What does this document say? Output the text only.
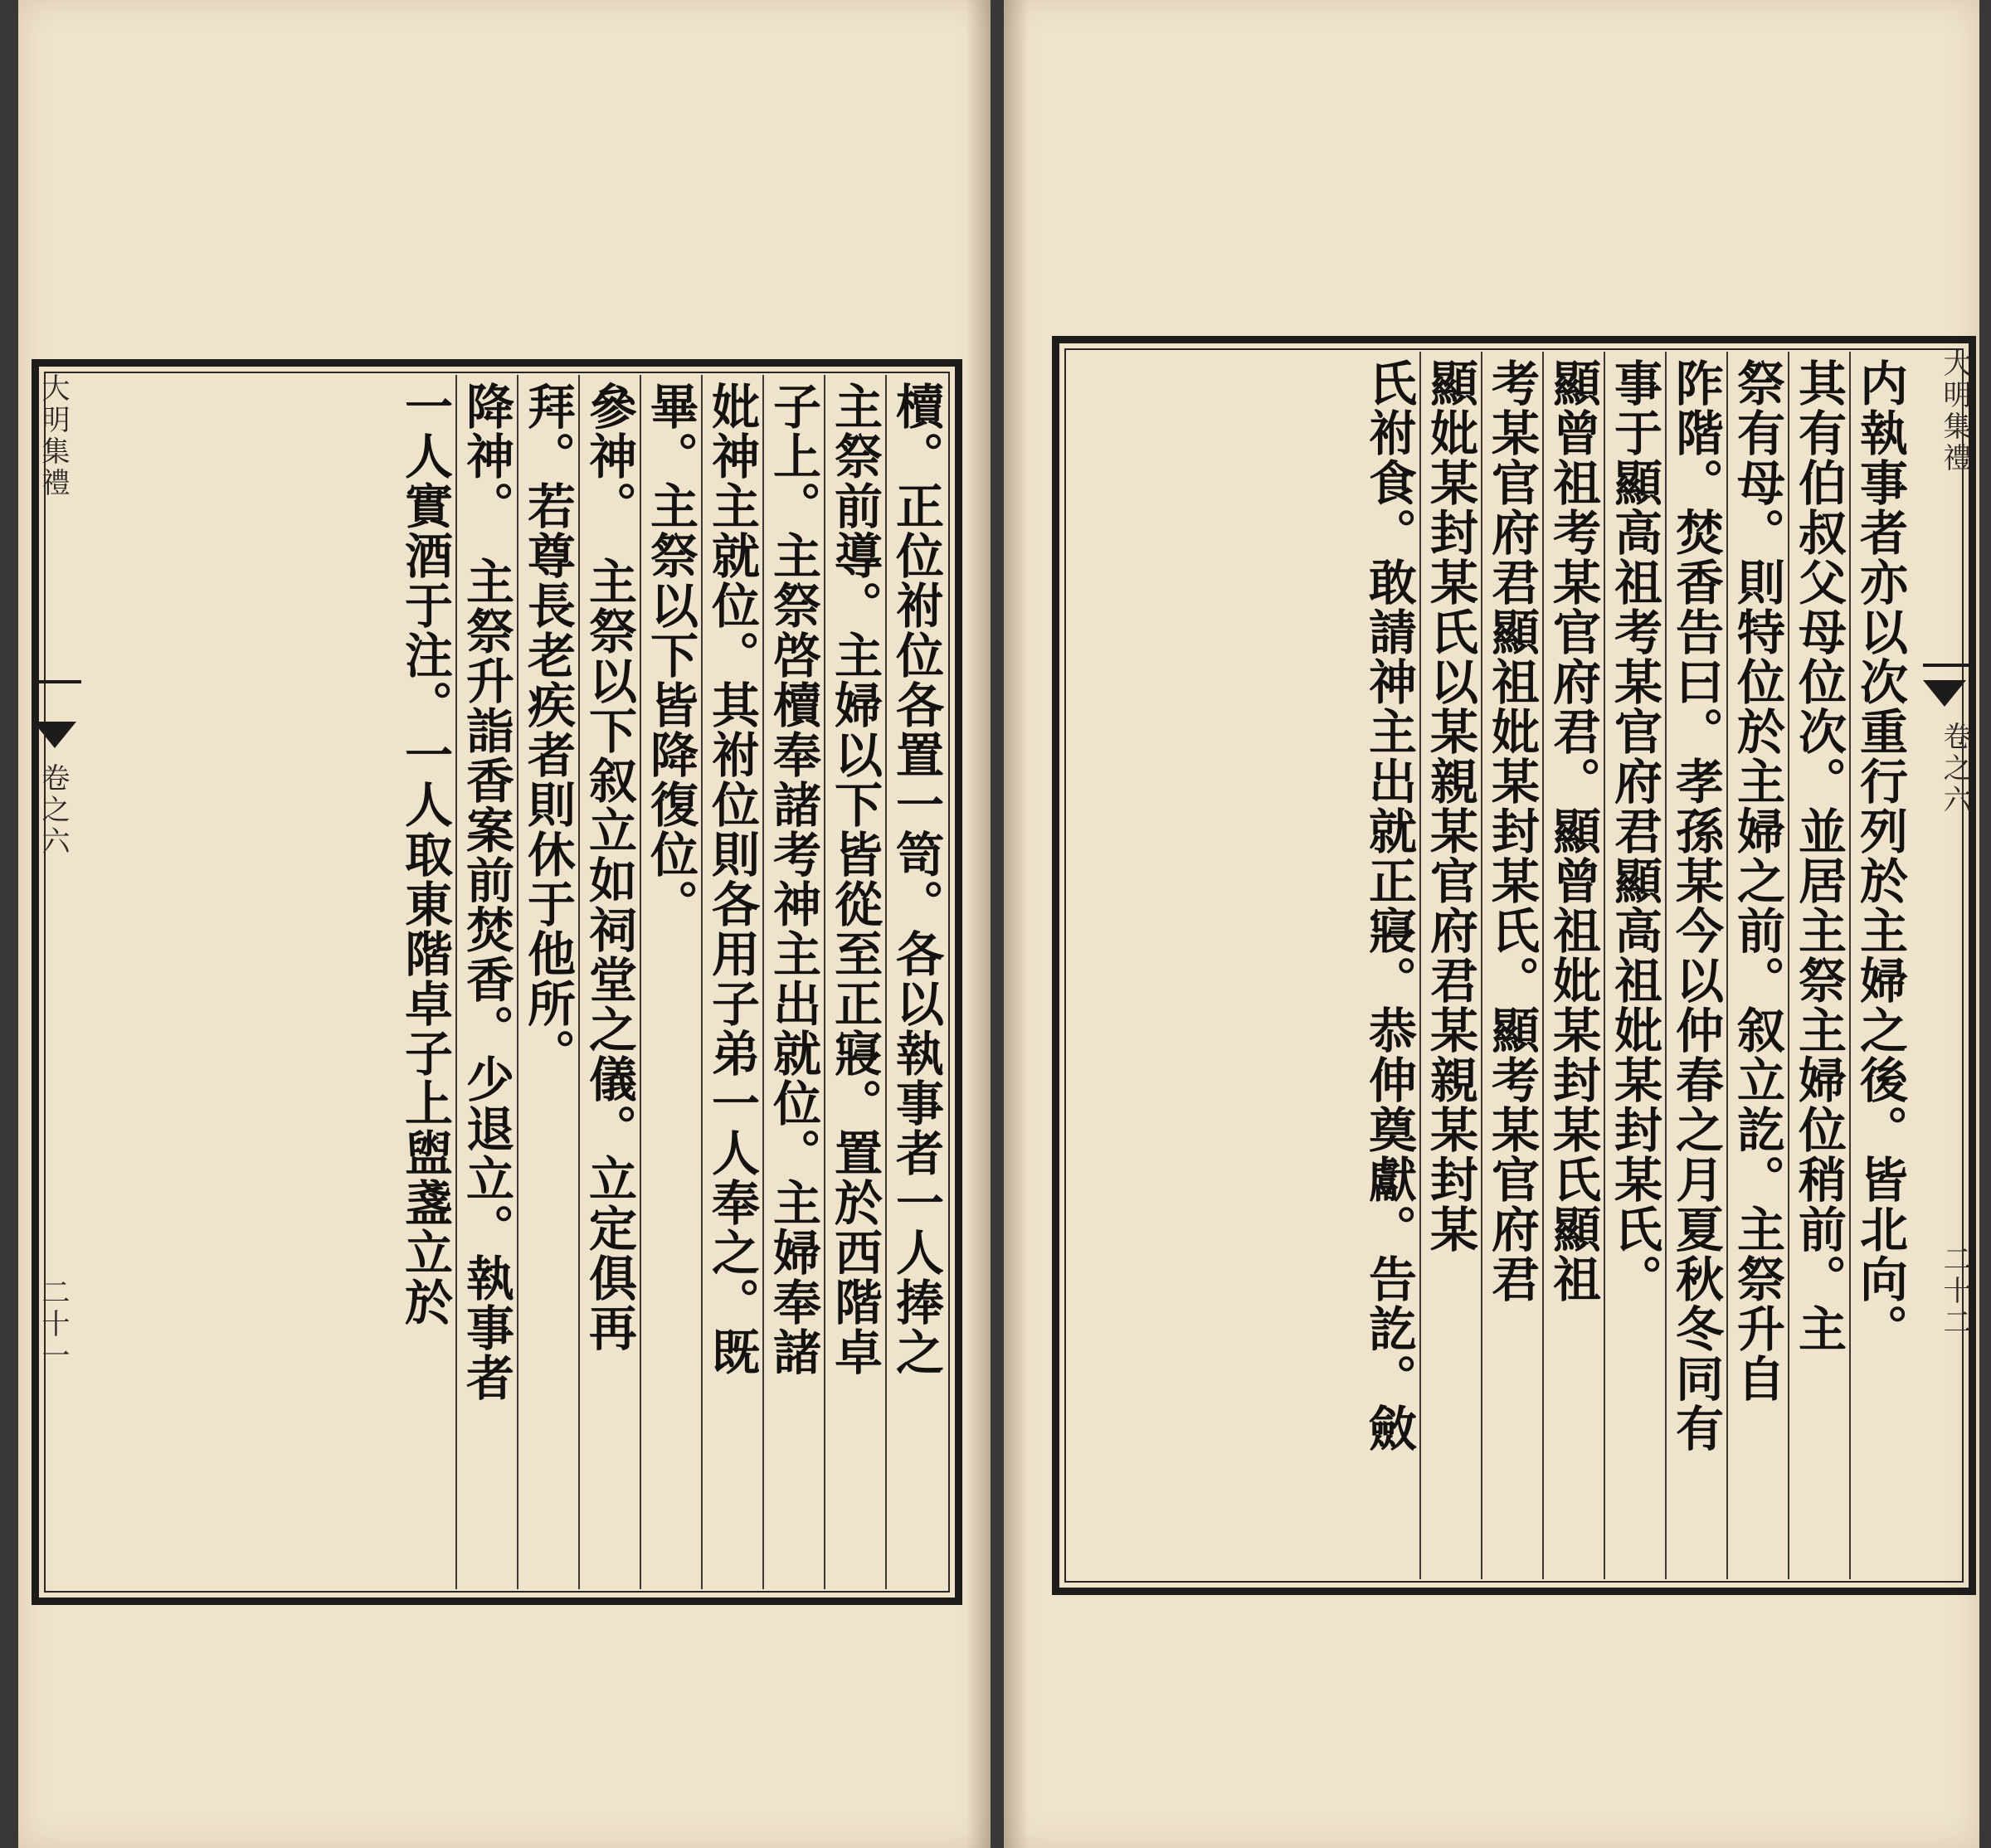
櫝。正位祔位各置一笥。各以執事者一人捧之
主祭前導。主婦以下皆從至正寢。置於西階卓
子上。主祭啓櫝奉諸考神主出就位。主婦奉諸
妣神主就位。其祔位則各用子弟一人奉之。既
畢。主祭以下皆降復位。
參神。　主祭以下叙立如祠堂之儀。立定俱再
拜。若尊長老疾者則休于他所。
降神。　主祭升詣香案前焚香。少退立。執事者
一人實酒于注。一人取東階卓子上盥盞立於
大明集禮
卷之六
二十一	内執事者亦以次重行列於主婦之後。皆北向。
其有伯叔父母位次。並居主祭主婦位稍前。主
祭有母。則特位於主婦之前。叙立訖。主祭升自
阼階。焚香告曰。孝孫某今以仲春之月夏秋冬同有
事于顯高祖考某官府君顯高祖妣某封某氏。
顯曾祖考某官府君。顯曾祖妣某封某氏顯祖
考某官府君顯祖妣某封某氏。顯考某官府君
顯妣某封某氏以某親某官府君某親某封某
氏祔食。敢請神主出就正寢。恭伸奠獻。告訖。斂	大明集禮
卷之六
二十二
